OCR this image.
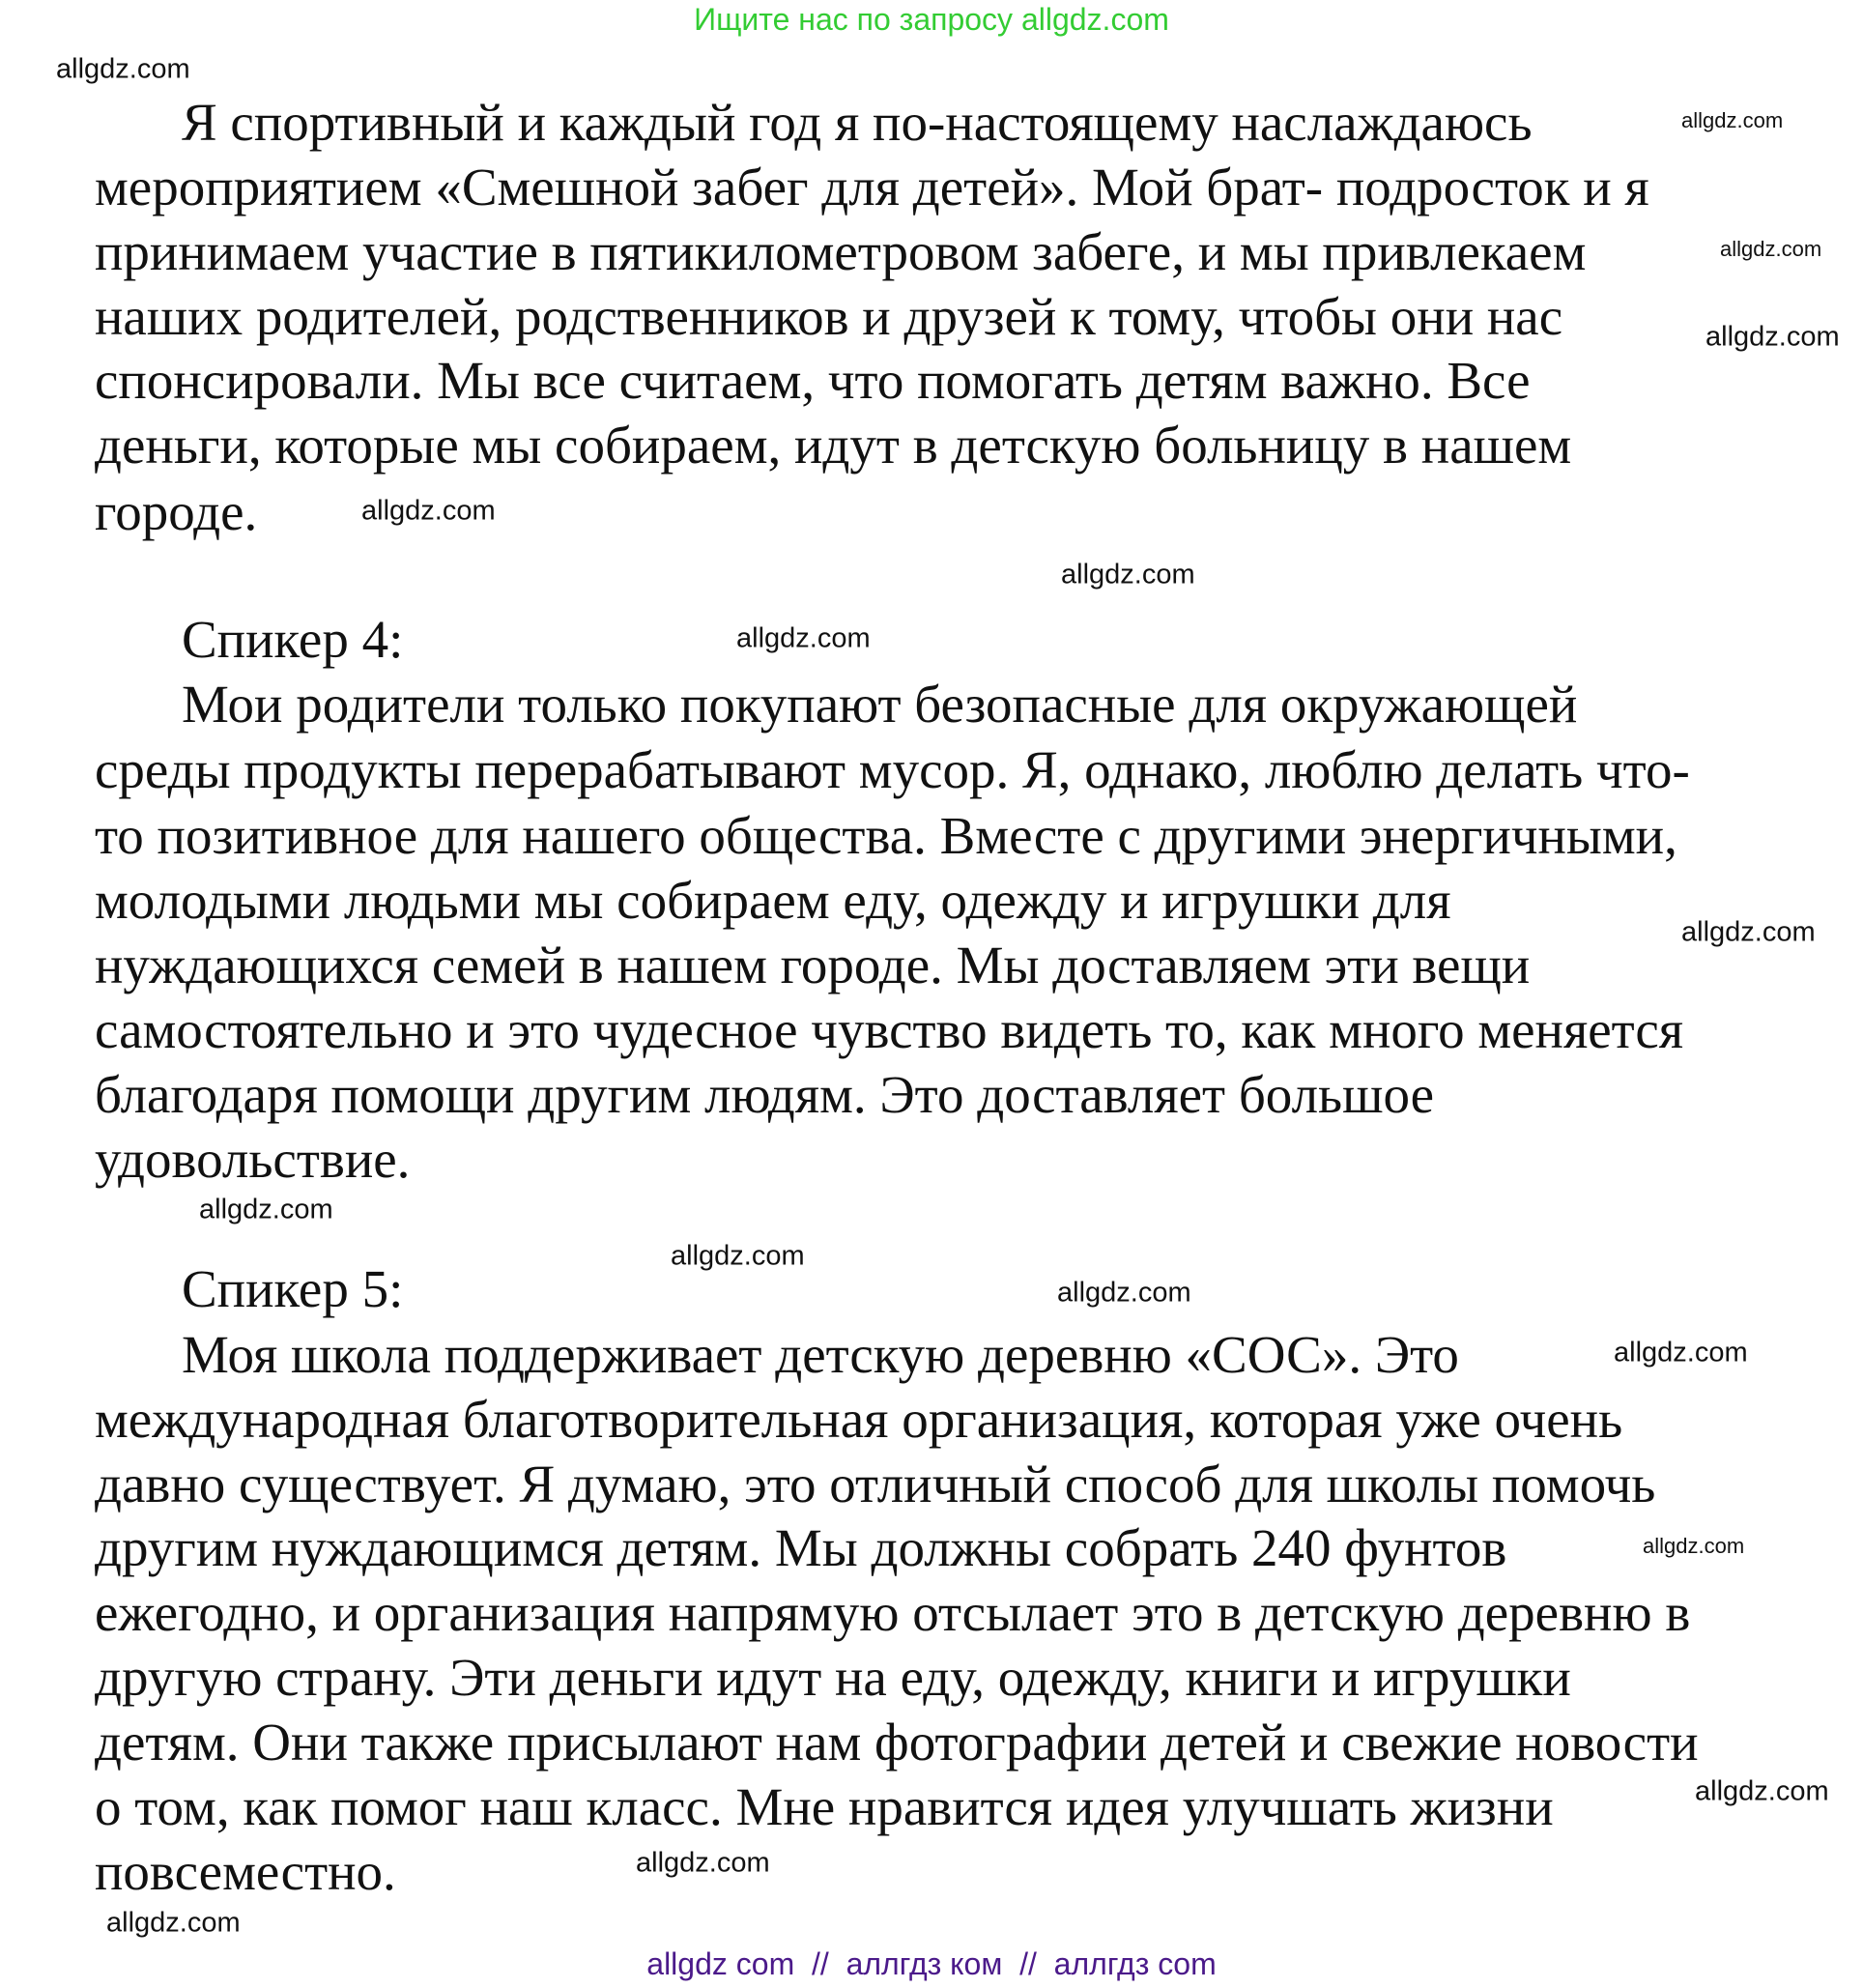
Ищите нас по запросу allgdz.com
Я спортивный и каждый год я по-настоящему наслаждаюсь
мероприятием «Смешной забег для детей». Мой брат- подросток и я
принимаем участие в пятикилометровом забеге, и мы привлекаем
наших родителей, родственников и друзей к тому, чтобы они нас
спонсировали. Мы все считаем, что помогать детям важно. Все
деньги, которые мы собираем, идут в детскую больницу в нашем
городе.
Спикер 4:
Мои родители только покупают безопасные для окружающей
среды продукты перерабатывают мусор. Я, однако, люблю делать что-
то позитивное для нашего общества. Вместе с другими энергичными,
молодыми людьми мы собираем еду, одежду и игрушки для
нуждающихся семей в нашем городе. Мы доставляем эти вещи
самостоятельно и это чудесное чувство видеть то, как много меняется
благодаря помощи другим людям. Это доставляет большое
удовольствие.
Спикер 5:
Моя школа поддерживает детскую деревню «СОС». Это
международная благотворительная организация, которая уже очень
давно существует. Я думаю, это отличный способ для школы помочь
другим нуждающимся детям. Мы должны собрать 240 фунтов
ежегодно, и организация напрямую отсылает это в детскую деревню в
другую страну. Эти деньги идут на еду, одежду, книги и игрушки
детям. Они также присылают нам фотографии детей и свежие новости
о том, как помог наш класс. Мне нравится идея улучшать жизни
повсеместно.
allgdz.com
allgdz.com
allgdz.com
allgdz.com
allgdz.com
allgdz.com
allgdz.com
allgdz.com
allgdz.com
allgdz.com
allgdz.com
allgdz.com
allgdz.com
allgdz.com
allgdz.com
allgdz.com
allgdz com  //  аллгдз ком  //  аллгдз com
